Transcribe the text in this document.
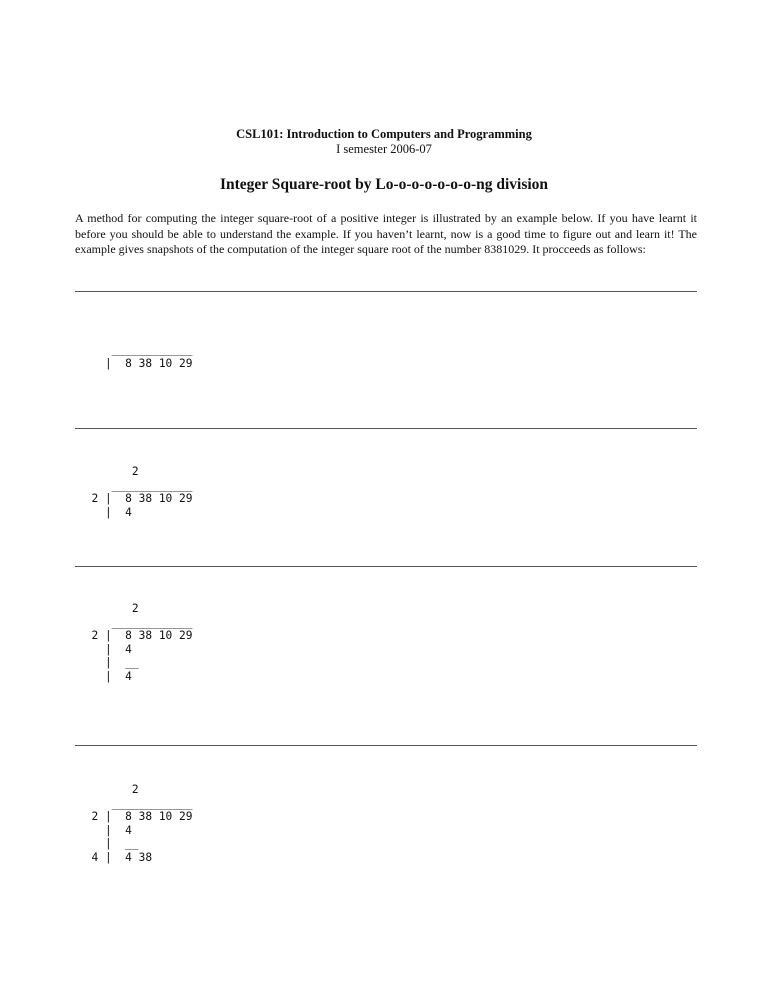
CSL101: Introduction to Computers and Programming
I semester 2006-07
Integer Square-root by Lo-o-o-o-o-o-o-ng division

A method for computing the integer square-root of a positive integer is illustrated by an example below. If you have learnt it before you should be able to understand the example. If you haven’t learnt, now is a good time to figure out and learn it! The example gives snapshots of the computation of the integer square root of the number 8381029. It procceeds as follows:

____________
|  8 38 10 29
2
____________
2 |  8 38 10 29
|  4
2
____________
2 |  8 38 10 29
|  4
|  __
|  4
2
____________
2 |  8 38 10 29
|  4
|  __
4 |  4 38
